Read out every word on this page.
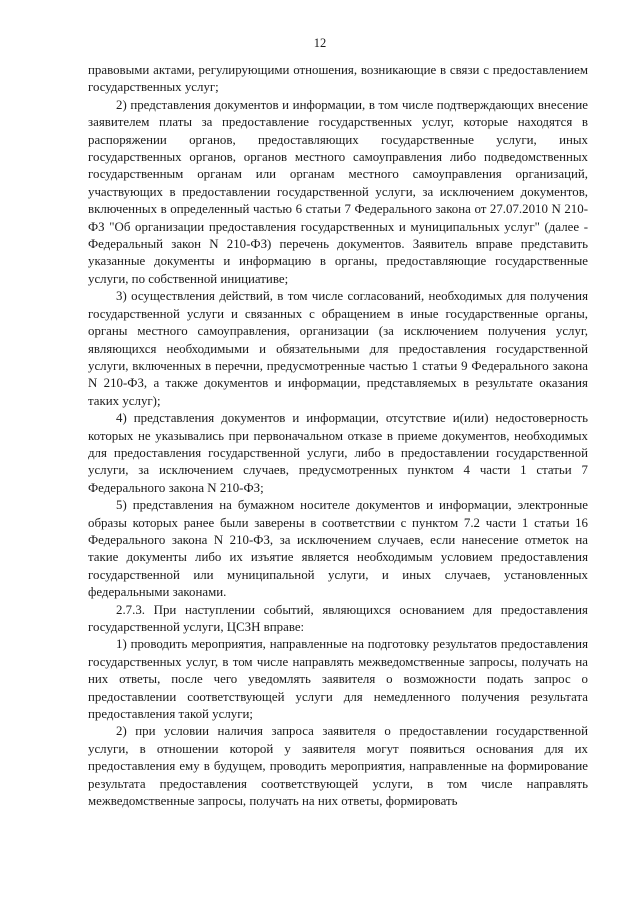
12

правовыми актами, регулирующими отношения, возникающие в связи с предоставлением государственных услуг;

2) представления документов и информации, в том числе подтверждающих внесение заявителем платы за предоставление государственных услуг, которые находятся в распоряжении органов, предоставляющих государственные услуги, иных государственных органов, органов местного самоуправления либо подведомственных государственным органам или органам местного самоуправления организаций, участвующих в предоставлении государственной услуги, за исключением документов, включенных в определенный частью 6 статьи 7 Федерального закона от 27.07.2010 N 210-ФЗ "Об организации предоставления государственных и муниципальных услуг" (далее - Федеральный закон N 210-ФЗ) перечень документов. Заявитель вправе представить указанные документы и информацию в органы, предоставляющие государственные услуги, по собственной инициативе;

3) осуществления действий, в том числе согласований, необходимых для получения государственной услуги и связанных с обращением в иные государственные органы, органы местного самоуправления, организации (за исключением получения услуг, являющихся необходимыми и обязательными для предоставления государственной услуги, включенных в перечни, предусмотренные частью 1 статьи 9 Федерального закона N 210-ФЗ, а также документов и информации, представляемых в результате оказания таких услуг);

4) представления документов и информации, отсутствие и(или) недостоверность которых не указывались при первоначальном отказе в приеме документов, необходимых для предоставления государственной услуги, либо в предоставлении государственной услуги, за исключением случаев, предусмотренных пунктом 4 части 1 статьи 7 Федерального закона N 210-ФЗ;

5) представления на бумажном носителе документов и информации, электронные образы которых ранее были заверены в соответствии с пунктом 7.2 части 1 статьи 16 Федерального закона N 210-ФЗ, за исключением случаев, если нанесение отметок на такие документы либо их изъятие является необходимым условием предоставления государственной или муниципальной услуги, и иных случаев, установленных федеральными законами.

2.7.3. При наступлении событий, являющихся основанием для предоставления государственной услуги, ЦСЗН вправе:

1) проводить мероприятия, направленные на подготовку результатов предоставления государственных услуг, в том числе направлять межведомственные запросы, получать на них ответы, после чего уведомлять заявителя о возможности подать запрос о предоставлении соответствующей услуги для немедленного получения результата предоставления такой услуги;

2) при условии наличия запроса заявителя о предоставлении государственной услуги, в отношении которой у заявителя могут появиться основания для их предоставления ему в будущем, проводить мероприятия, направленные на формирование результата предоставления соответствующей услуги, в том числе направлять межведомственные запросы, получать на них ответы, формировать
